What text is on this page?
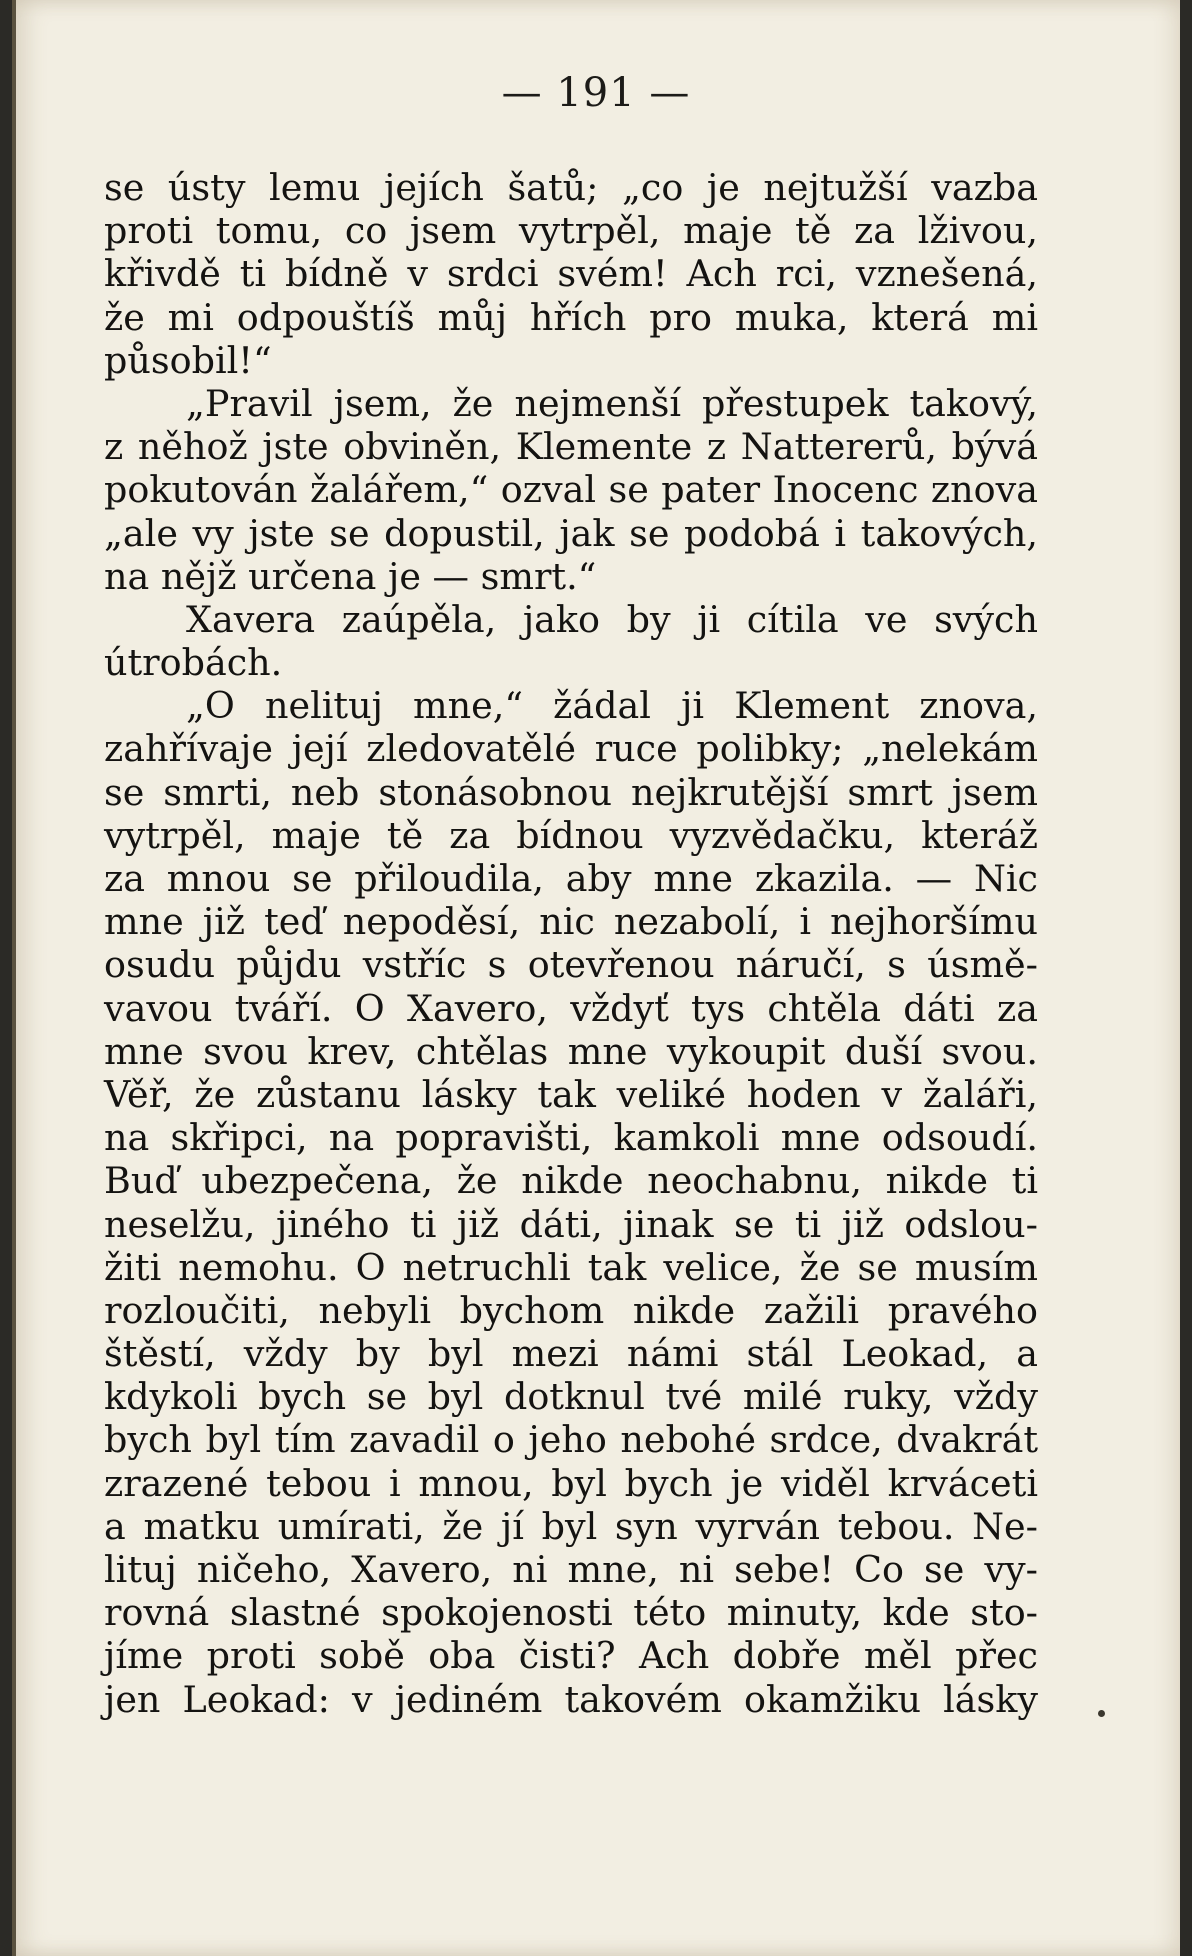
— 191 —
se ústy lemu jejích šatů; „co je nejtužší vazba
proti tomu, co jsem vytrpěl, maje tě za lživou,
křivdě ti bídně v srdci svém! Ach rci, vznešená,
že mi odpouštíš můj hřích pro muka, která mi
působil!“
„Pravil jsem, že nejmenší přestupek takový,
z něhož jste obviněn, Klemente z Nattererů, bývá
pokutován žalářem,“ ozval se pater Inocenc znova
„ale vy jste se dopustil, jak se podobá i takových,
na nějž určena je — smrt.“
Xavera zaúpěla, jako by ji cítila ve svých
útrobách.
„O nelituj mne,“ žádal ji Klement znova,
zahřívaje její zledovatělé ruce polibky; „nelekám
se smrti, neb stonásobnou nejkrutější smrt jsem
vytrpěl, maje tě za bídnou vyzvědačku, kteráž
za mnou se přiloudila, aby mne zkazila. — Nic
mne již teď nepoděsí, nic nezabolí, i nejhoršímu
osudu půjdu vstříc s otevřenou náručí, s úsmě-
vavou tváří. O Xavero, vždyť tys chtěla dáti za
mne svou krev, chtělas mne vykoupit duší svou.
Věř, že zůstanu lásky tak veliké hoden v žaláři,
na skřipci, na popravišti, kamkoli mne odsoudí.
Buď ubezpečena, že nikde neochabnu, nikde ti
neselžu, jiného ti již dáti, jinak se ti již odslou-
žiti nemohu. O netruchli tak velice, že se musím
rozloučiti, nebyli bychom nikde zažili pravého
štěstí, vždy by byl mezi námi stál Leokad, a
kdykoli bych se byl dotknul tvé milé ruky, vždy
bych byl tím zavadil o jeho nebohé srdce, dvakrát
zrazené tebou i mnou, byl bych je viděl krváceti
a matku umírati, že jí byl syn vyrván tebou. Ne-
lituj ničeho, Xavero, ni mne, ni sebe! Co se vy-
rovná slastné spokojenosti této minuty, kde sto-
jíme proti sobě oba čisti? Ach dobře měl přec
jen Leokad: v jediném takovém okamžiku lásky
